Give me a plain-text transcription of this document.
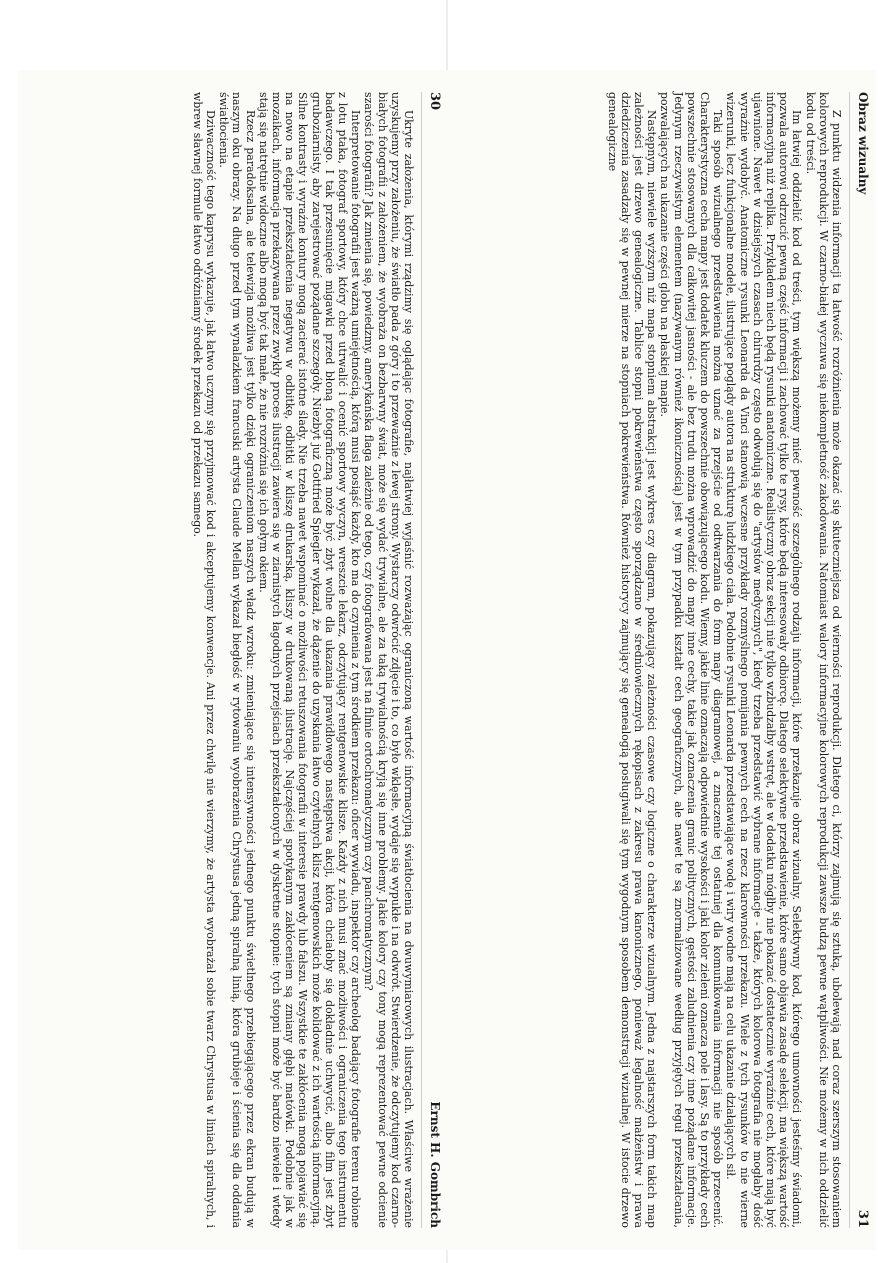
30
Ernst H. Gombrich

Ukryte założenia, którymi rządzimy się oglądając fotografie, najłatwiej wyjaśnić rozważając ograniczoną wartość informacyjną światłocienia na dwuwymiarowych ilustracjach. Właściwe wrażenie uzyskujemy przy założeniu, że światło pada z góry i to przeważnie z lewej strony. Wystarczy odwrócić zdjęcie i to, co było wklęsłe, wydaje się wypukłe i na odwrót. Stwierdzenie, że odczytujemy kod czarno-białych fotografii z założeniem, że wyobraża on bezbarwny świat, może się wydać trywialne, ale za taką trywialnością kryją się inne problemy. Jakie kolory czy tony mogą reprezentować pewne odcienie szarości fotografii? Jak zmienia się, powiedzmy, amerykańska flaga zależnie od tego, czy fotografowana jest na filmie ortochromatycznym czy panchromatycznym?

Interpretowanie fotografii jest ważną umiejętnością, którą musi posiąść każdy, kto ma do czynienia z tym środkiem przekazu: oficer wywiadu, inspektor czy archeolog badający fotografie terenu robione z lotu ptaka, fotograf sportowy, który chce utrwalić i ocenić sportowy wyczyn, wreszcie lekarz, odczytujący rentgenowskie klisze. Każdy z nich musi znać możliwości i ograniczenia tego instrumentu badawczego. I tak przesunięcie migawki przed błoną fotograficzną może być zbyt wolne dla ukazania prawidłowego następstwa akcji, która chciałoby się dokładnie uchwycić, albo film jest zbyt gruboziarnisty, aby zarejestrować pożądane szczegóły. Niezbyt już Gottfried Spiegler wykazał, że dążenie do uzyskania łatwo czytelnych klisz rentgenowskich może kolidować z ich wartością informacyjną. Silne kontrasty i wyraźne kontury mogą zacierać istotne ślady. Nie trzeba nawet wspominać o możliwości retuszowania fotografii w interesie prawdy lub fałszu. Wszystkie te zakłócenia mogą pojawiać się na nowo na etapie przekształcenia negatywu w odbitkę, odbitki w kliszę drukarską, kliszy w drukowaną ilustrację. Najczęściej spotykanym zakłóceniem są zmiany głębi matówki. Podobnie jak w mozaikach, informacja przekazywana przez zwykły proces ilustracji zawiera się w ziarnistych łagodnych przejściach przekształconych w dyskretne stopnie: tych stopni może być bardzo niewiele i wtedy stają się natrętnie widoczne albo mogą być tak małe, że nie rozróżnia się ich gołym okiem.

Rzecz paradoksalna, ale telewizja możliwa jest tylko dzięki ograniczeniom naszych władz wzroku: zmieniające się intensywności jednego punktu świetlnego przebiegającego przez ekran budują w naszym oku obrazy. Na długo przed tym wynalazkiem francuski artysta Claude Mellan wykazał biegłość w rytowaniu wyobrażenia Chrystusa jedną spiralną linią, która grubieje i ścienia się dla oddania światłocienia.

Dziwaczność tego kaprysu wykazuje, jak łatwo uczymy się przyjmować kod i akceptujemy konwencje. Ani przez chwilę nie wierzymy, że artysta wyobrażał sobie twarz Chrystusa w liniach spiralnych, i wbrew sławnej formule łatwo odróżniamy środek przekazu od przekazu samego.	Obraz wizualny
31

Z punktu widzenia informacji ta łatwość rozróżnienia może okazać się skuteczniejsza od wierności reprodukcji. Dlatego ci, którzy zajmują się sztuką, ubolewają nad coraz szerszym stosowaniem kolorowych reprodukcji. W czarno-białej wyczuwa się niekompletność zakodowania. Natomiast walory informacyjne kolorowych reprodukcji zawsze budzą pewne wątpliwości. Nie możemy w nich oddzielić kodu od treści.

Im łatwiej oddzielić kod od treści, tym większą możemy mieć pewność szczególnego rodzaju informacji, które przekazuje obraz wizualny. Selektywny kod, którego umowności jesteśmy świadomi, pozwala autorowi odrzucić pewną część informacji i zachować tylko te rysy, które będą interesowały odbiorcę. Dlatego selektywne przedstawienie, które samo objawia zasadę selekcji, ma większą wartość informacyjną niż replika. Przykładem niech będą rysunki anatomiczne. Realistyczny obraz sekcji nie tylko wzbudzałby wstręt, ale w dodatku mógłby nie pokazać dostatecznie wyraźnie cech, które mają być ujawnione. Nawet w dzisiejszych czasach chirurdzy często odwołują się do "artystów medycznych", kiedy trzeba przedstawić wybrane informacje - także, których kolorowa fotografia nie mogłaby dość wyraźnie wydobyć. Anatomiczne rysunki Leonarda da Vinci stanowią wczesne przykłady rozmyślnego pomijania pewnych cech na rzecz klarowności przekazu. Wiele z tych rysunków to nie wierne wizerunki, lecz funkcjonalne modele, ilustrujące poglądy autora na strukturę ludzkiego ciała. Podobnie rysunki Leonarda przedstawiające wodę i wiry wodne mają na celu ukazanie działających sił.

Taki sposób wizualnego przedstawienia można uznać za przejście od odtwarzania do form mapy diagramowej, a znaczenie tej ostatniej dla komunikowania informacji nie sposób przecenić. Charakterystyczna cecha mapy jest dodatek kluczem do powszechnie obowiązującego kodu. Wiemy, jakie linie oznaczają odpowiednie wysokości i jaki kolor zieleni oznacza pole i lasy. Są to przykłady cech powszechnie stosowanych dla całkowitej jasności - ale bez trudu można wprowadzić do mapy inne cechy, takie jak oznaczenia granic politycznych, gęstości zaludnienia czy inne pożądane informacje. Jedynym rzeczywistym elementem (nazywanym również ikonicznością) jest w tym przypadku kształt cech geograficznych, ale nawet te są znormalizowane według przyjętych reguł przekształcania, pozwalających na ukazanie części globu na płaskiej mapie.

Następnym, niewiele wyższym niż mapa stopniem abstrakcji jest wykres czy diagram, pokazujący zależności czasowe czy logiczne o charakterze wizualnym. Jedna z najstarszych form takich map zależności jest drzewo genealogiczne. Tablice stopni pokrewieństwa często sporządzano w średniowiecznych rękopisach z zakresu prawa kanonicznego, ponieważ legalność małżeństw i prawa dziedziczenia zasadzały się w pewnej mierze na stopniach pokrewieństwa. Również historycy zajmujący się genealogią posługiwali się tym wygodnym sposobem demonstracji wizualnej. W istocie drzewo genealogiczne
